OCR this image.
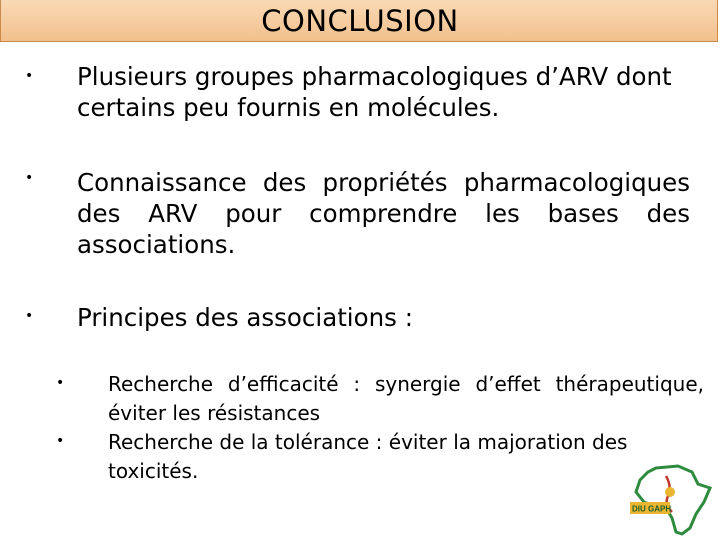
CONCLUSION
• Plusieurs groupes pharmacologiques d’ARV dont certains peu fournis en molécules.
• Connaissance des propriétés pharmacologiques des ARV pour comprendre les bases des associations.
• Principes des associations :
• Recherche d’efficacité : synergie d’effet thérapeutique, éviter les résistances
• Recherche de la tolérance : éviter la majoration des toxicités.
DIU GAPH
